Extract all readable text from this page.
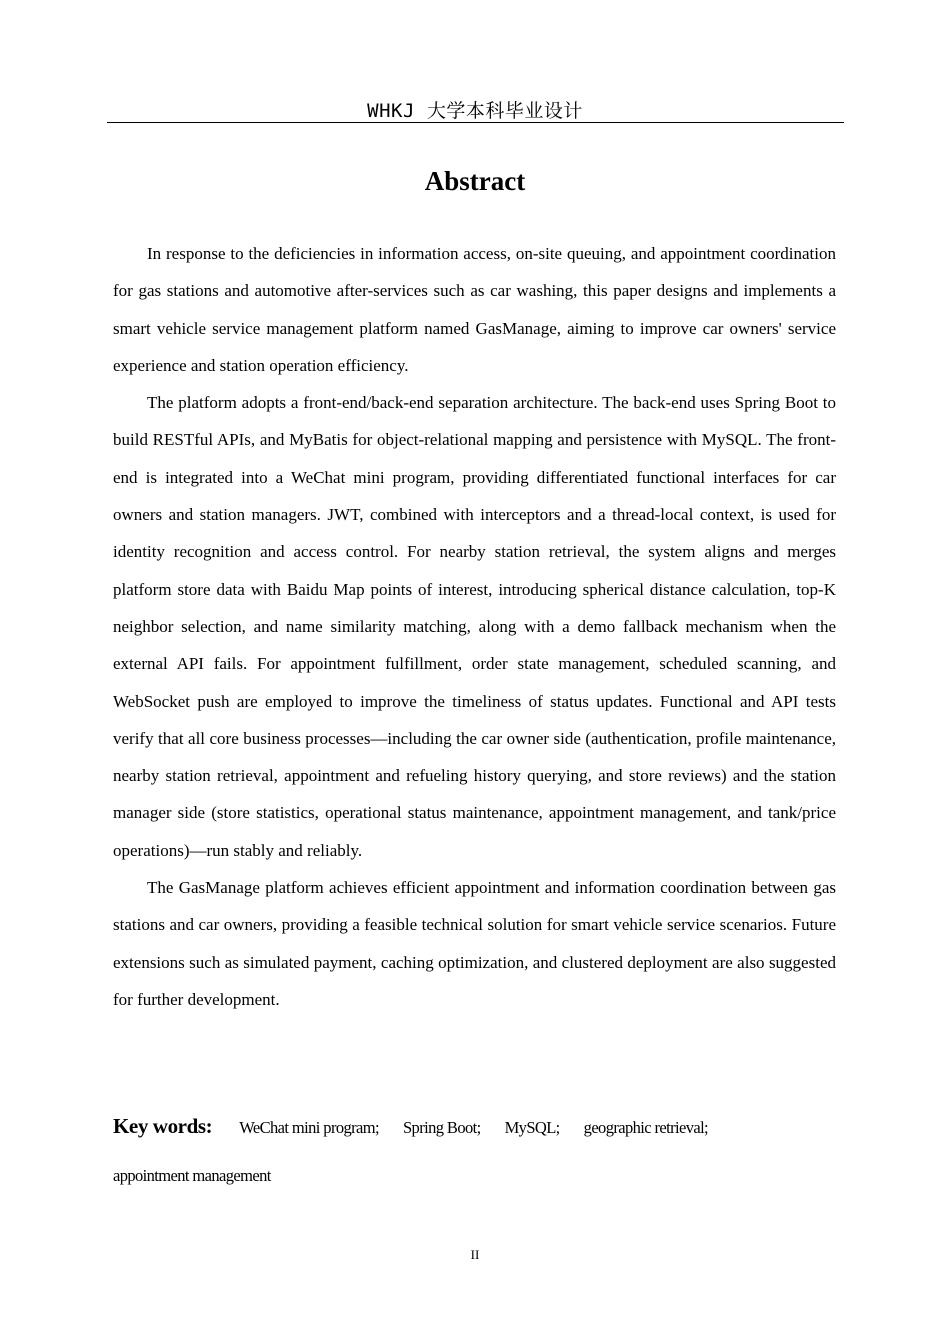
WHKJ 大学本科毕业设计
Abstract

In response to the deficiencies in information access, on-site queuing, and appointment coordination for gas stations and automotive after-services such as car washing, this paper designs and implements a smart vehicle service management platform named GasManage, aiming to improve car owners' service experience and station operation efficiency.

The platform adopts a front-end/back-end separation architecture. The back-end uses Spring Boot to build RESTful APIs, and MyBatis for object-relational mapping and persistence with MySQL. The front-end is integrated into a WeChat mini program, providing differentiated functional interfaces for car owners and station managers. JWT, combined with interceptors and a thread-local context, is used for identity recognition and access control. For nearby station retrieval, the system aligns and merges platform store data with Baidu Map points of interest, introducing spherical distance calculation, top-K neighbor selection, and name similarity matching, along with a demo fallback mechanism when the external API fails. For appointment fulfillment, order state management, scheduled scanning, and WebSocket push are employed to improve the timeliness of status updates. Functional and API tests verify that all core business processes—including the car owner side (authentication, profile maintenance, nearby station retrieval, appointment and refueling history querying, and store reviews) and the station manager side (store statistics, operational status maintenance, appointment management, and tank/price operations)—run stably and reliably.

The GasManage platform achieves efficient appointment and information coordination between gas stations and car owners, providing a feasible technical solution for smart vehicle service scenarios. Future extensions such as simulated payment, caching optimization, and clustered deployment are also suggested for further development.

Key words: WeChat mini program; Spring Boot; MySQL; geographic retrieval;appointment management
II
